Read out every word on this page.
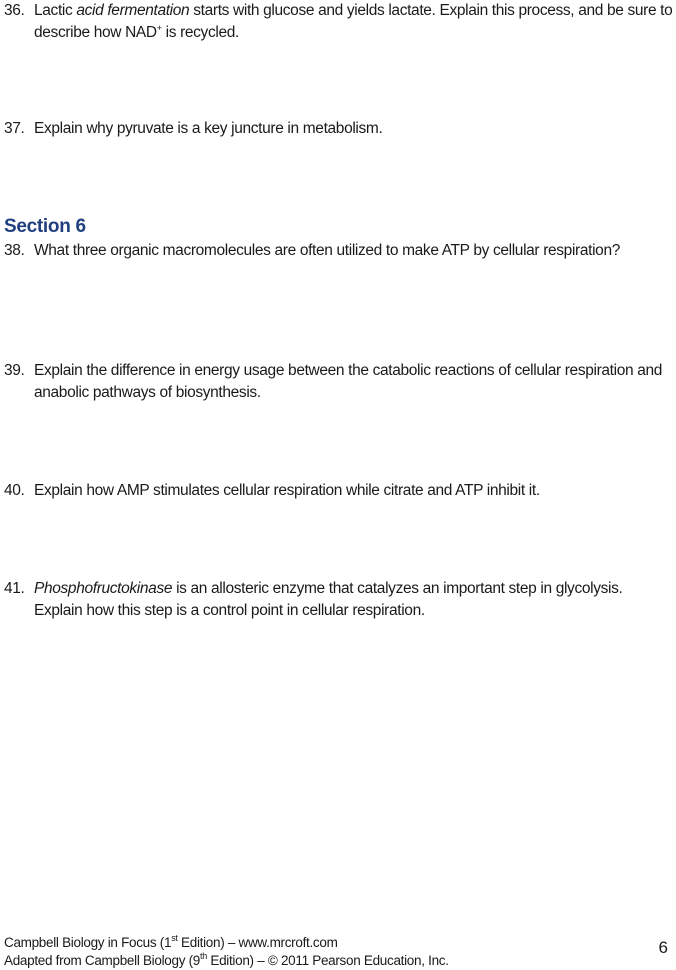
36. Lactic acid fermentation starts with glucose and yields lactate. Explain this process, and be sure to describe how NAD+ is recycled.
37. Explain why pyruvate is a key juncture in metabolism.
Section 6
38. What three organic macromolecules are often utilized to make ATP by cellular respiration?
39. Explain the difference in energy usage between the catabolic reactions of cellular respiration and anabolic pathways of biosynthesis.
40. Explain how AMP stimulates cellular respiration while citrate and ATP inhibit it.
41. Phosphofructokinase is an allosteric enzyme that catalyzes an important step in glycolysis. Explain how this step is a control point in cellular respiration.
Campbell Biology in Focus (1st Edition) – www.mrcroft.com
Adapted from Campbell Biology (9th Edition) – © 2011 Pearson Education, Inc.
6
